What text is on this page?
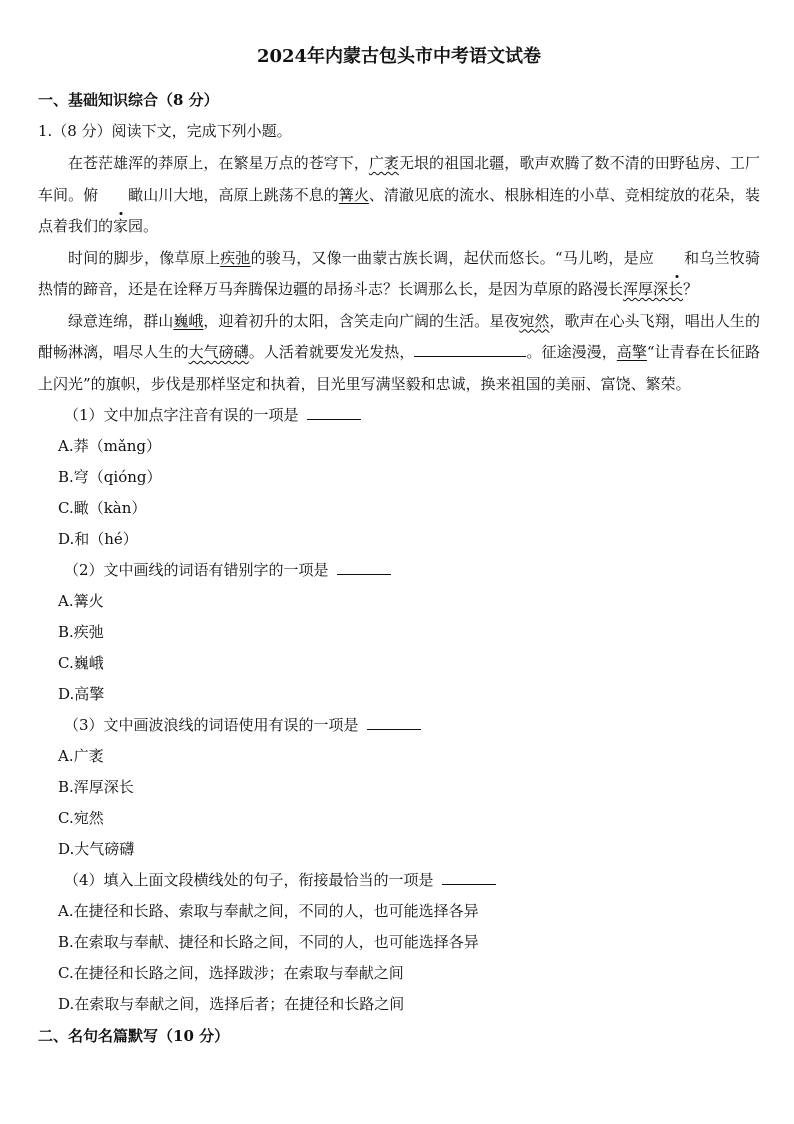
2024年内蒙古包头市中考语文试卷
一、基础知识综合（8 分）
1.（8 分）阅读下文，完成下列小题。

在苍茫雄浑的莽原上，在繁星万点的苍穹下，广袤无垠的祖国北疆，歌声欢腾了数不清的田野毡房、工厂车间。俯 瞰山川大地，高原上跳荡不息的篝火、清澈见底的流水、根脉相连的小草、竞相绽放的花朵，装点着我们的家园。

时间的脚步，像草原上疾弛的骏马，又像一曲蒙古族长调，起伏而悠长。“马儿哟，是应 和乌兰牧骑热情的蹄音，还是在诠释万马奔腾保边疆的昂扬斗志？长调那么长，是因为草原的路漫长浑厚深长？

绿意连绵，群山巍峨，迎着初升的太阳，含笑走向广阔的生活。星夜宛然，歌声在心头飞翔，唱出人生的酣畅淋漓，唱尽人生的大气磅礴。人活着就要发光发热，	。征途漫漫，高擎“让青春在长征路上闪光”的旗帜，步伐是那样坚定和执着，目光里写满坚毅和忠诚，换来祖国的美丽、富饶、繁荣。

（1）文中加点字注音有误的一项是

A.莽（mǎng）

B.穹（qióng）

C.瞰（kàn）

D.和（hé）

（2）文中画线的词语有错别字的一项是

A.篝火

B.疾弛

C.巍峨

D.高擎

（3）文中画波浪线的词语使用有误的一项是

A.广袤

B.浑厚深长

C.宛然

D.大气磅礴

（4）填入上面文段横线处的句子，衔接最恰当的一项是

A.在捷径和长路、索取与奉献之间，不同的人，也可能选择各异

B.在索取与奉献、捷径和长路之间，不同的人，也可能选择各异

C.在捷径和长路之间，选择跋涉；在索取与奉献之间

D.在索取与奉献之间，选择后者；在捷径和长路之间

二、名句名篇默写（10 分）
